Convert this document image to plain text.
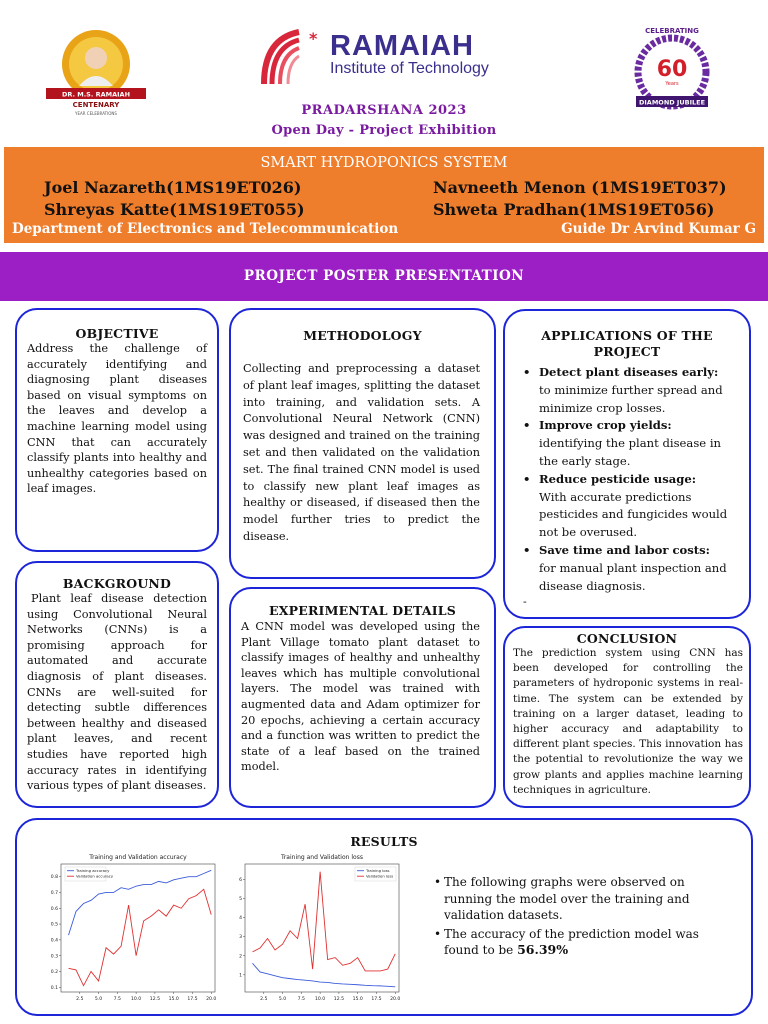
DR. M.S. RAMAIAH
CENTENARY
YEAR CELEBRATIONS
* RAMAIAH
Institute of Technology
CELEBRATING
60
Years
DIAMOND JUBILEE
PRADARSHANA 2023
Open Day - Project Exhibition
SMART HYDROPONICS SYSTEM
Joel Nazareth(1MS19ET026)	Navneeth Menon (1MS19ET037)
Shreyas Katte(1MS19ET055)	Shweta Pradhan(1MS19ET056)
Department of Electronics and Telecommunication	Guide Dr Arvind Kumar G
PROJECT POSTER PRESENTATION
OBJECTIVE
Address the challenge of accurately identifying and diagnosing plant diseases based on visual symptoms on the leaves and develop a machine learning model using CNN that can accurately classify plants into healthy and unhealthy categories based on leaf images.
METHODOLOGY
Collecting and preprocessing a dataset of plant leaf images, splitting the dataset into training, and validation sets. A Convolutional Neural Network (CNN) was designed and trained on the training set and then validated on the validation set. The final trained CNN model is used to classify new plant leaf images as healthy or diseased, if diseased then the model further tries to predict the disease.
APPLICATIONS OF THE PROJECT
• Detect plant diseases early:
to minimize further spread and minimize crop losses.
• Improve crop yields:
identifying the plant disease in the early stage.
• Reduce pesticide usage:
With accurate predictions pesticides and fungicides would not be overused.
• Save time and labor costs:
for manual plant inspection and disease diagnosis.
-
BACKGROUND
Plant leaf disease detection using Convolutional Neural Networks (CNNs) is a promising approach for automated and accurate diagnosis of plant diseases. CNNs are well-suited for detecting subtle differences between healthy and diseased plant leaves, and recent studies have reported high accuracy rates in identifying various types of plant diseases.
EXPERIMENTAL DETAILS
A CNN model was developed using the Plant Village tomato plant dataset to classify images of healthy and unhealthy leaves which has multiple convolutional layers. The model was trained with augmented data and Adam optimizer for 20 epochs, achieving a certain accuracy and a function was written to predict the state of a leaf based on the trained model.
CONCLUSION
The prediction system using CNN has been developed for controlling the parameters of hydroponic systems in real-time. The system can be extended by training on a larger dataset, leading to higher accuracy and adaptability to different plant species. This innovation has the potential to revolutionize the way we grow plants and applies machine learning techniques in agriculture.
RESULTS
Training and Validation accuracy
2.5 5.0 7.5 10.0 12.5 15.0 17.5 20.0
0.1
0.2
0.3
0.4
0.5
0.6
0.7
0.8
Training accuracy
Validation accuracy
Training and Validation loss
2.5 5.0 7.5 10.0 12.5 15.0 17.5 20.0
1
2
3
4
5
6
Training loss
Validation loss
•	The following graphs were observed on running the model over the training and validation datasets.
• The accuracy of the prediction model was found to be 56.39%
